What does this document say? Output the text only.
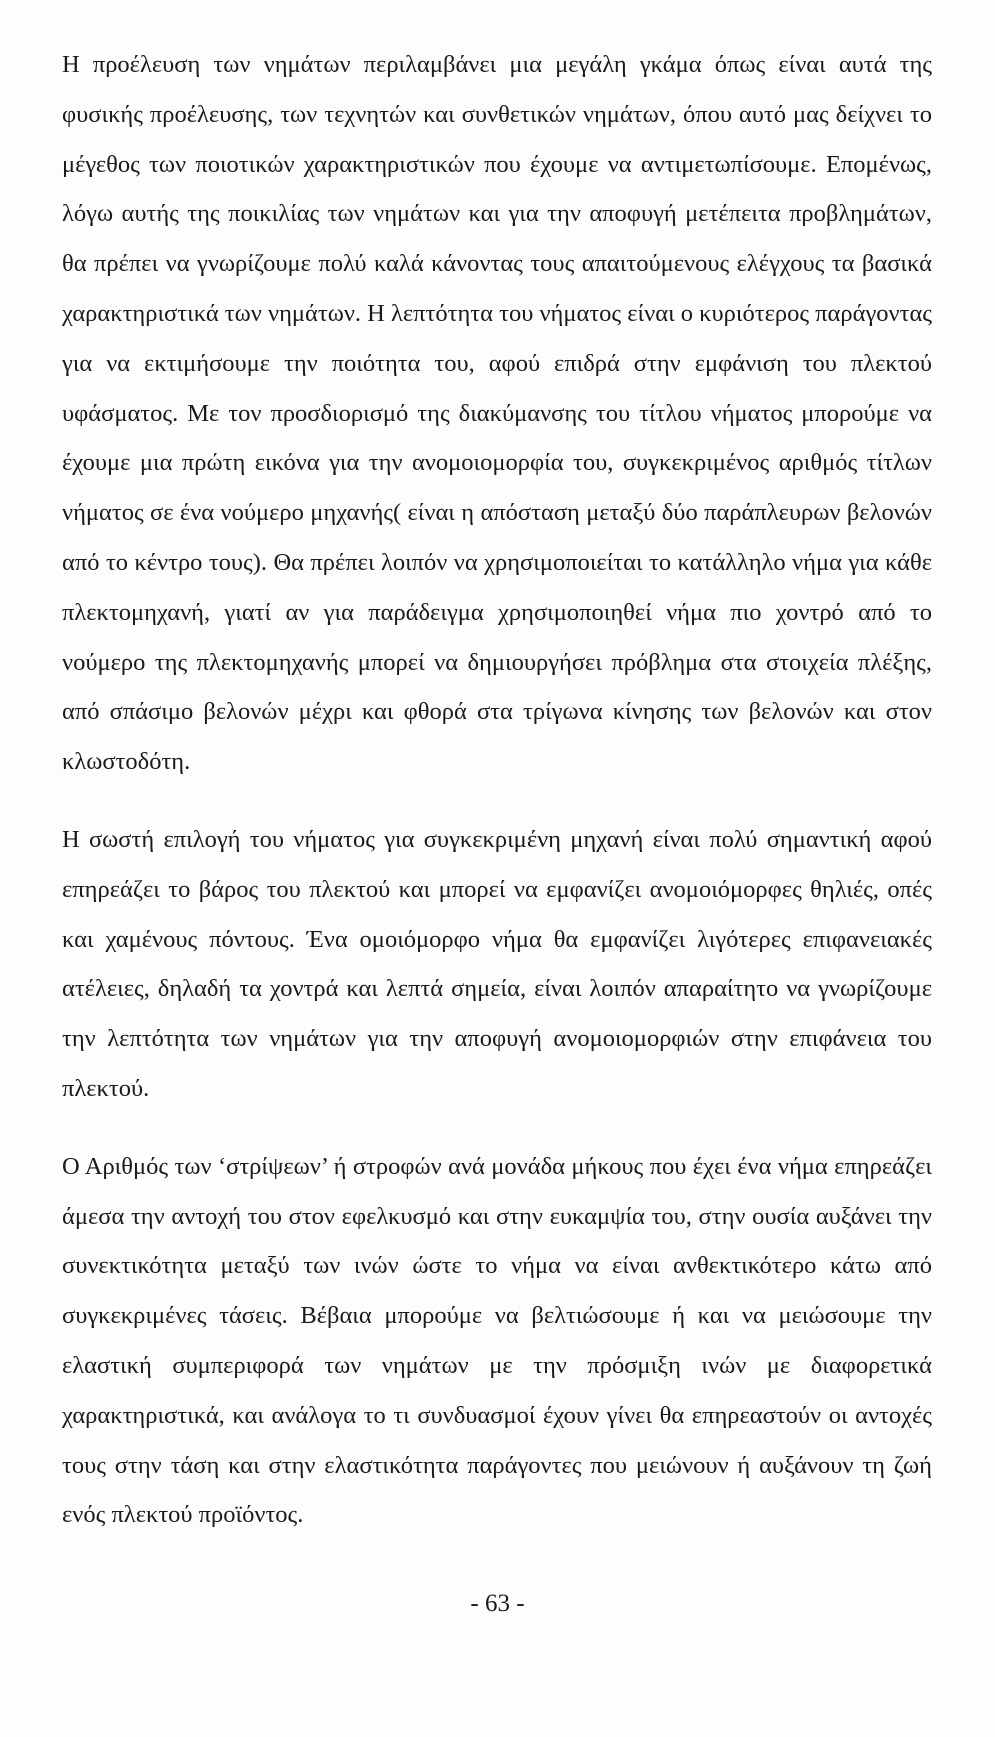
Η προέλευση των νημάτων περιλαμβάνει μια μεγάλη γκάμα όπως είναι αυτά της φυσικής προέλευσης, των τεχνητών και συνθετικών νημάτων, όπου αυτό μας δείχνει το μέγεθος των ποιοτικών χαρακτηριστικών που έχουμε να αντιμετωπίσουμε. Επομένως, λόγω αυτής της ποικιλίας των νημάτων και για την αποφυγή μετέπειτα προβλημάτων, θα πρέπει να γνωρίζουμε πολύ καλά κάνοντας τους απαιτούμενους ελέγχους τα βασικά χαρακτηριστικά των νημάτων. Η λεπτότητα του νήματος είναι ο κυριότερος παράγοντας για να εκτιμήσουμε την ποιότητα του, αφού επιδρά στην εμφάνιση του πλεκτού υφάσματος. Με τον προσδιορισμό της διακύμανσης του τίτλου νήματος μπορούμε να έχουμε μια πρώτη εικόνα για την ανομοιομορφία του, συγκεκριμένος αριθμός τίτλων νήματος σε ένα νούμερο μηχανής( είναι η απόσταση μεταξύ δύο παράπλευρων βελονών από το κέντρο τους). Θα πρέπει λοιπόν να χρησιμοποιείται το κατάλληλο νήμα για κάθε πλεκτομηχανή, γιατί αν για παράδειγμα χρησιμοποιηθεί νήμα πιο χοντρό από το νούμερο της πλεκτομηχανής μπορεί να δημιουργήσει πρόβλημα στα στοιχεία πλέξης, από σπάσιμο βελονών μέχρι και φθορά στα τρίγωνα κίνησης των βελονών και στον κλωστοδότη.

Η σωστή επιλογή του νήματος για συγκεκριμένη μηχανή είναι πολύ σημαντική αφού επηρεάζει το βάρος του πλεκτού και μπορεί να εμφανίζει ανομοιόμορφες θηλιές, οπές και χαμένους πόντους. Ένα ομοιόμορφο νήμα θα εμφανίζει λιγότερες επιφανειακές ατέλειες, δηλαδή τα χοντρά και λεπτά σημεία, είναι λοιπόν απαραίτητο να γνωρίζουμε την λεπτότητα των νημάτων για την αποφυγή ανομοιομορφιών στην επιφάνεια του πλεκτού.

Ο Αριθμός των ‘στρίψεων’ ή στροφών ανά μονάδα μήκους που έχει ένα νήμα επηρεάζει άμεσα την αντοχή του στον εφελκυσμό και στην ευκαμψία του, στην ουσία αυξάνει την συνεκτικότητα μεταξύ των ινών ώστε το νήμα να είναι ανθεκτικότερο κάτω από συγκεκριμένες τάσεις. Βέβαια μπορούμε να βελτιώσουμε ή και να μειώσουμε την ελαστική συμπεριφορά των νημάτων με την πρόσμιξη ινών με διαφορετικά χαρακτηριστικά, και ανάλογα το τι συνδυασμοί έχουν γίνει θα επηρεαστούν οι αντοχές τους στην τάση και στην ελαστικότητα παράγοντες που μειώνουν ή αυξάνουν τη ζωή ενός πλεκτού προϊόντος.

- 63 -
